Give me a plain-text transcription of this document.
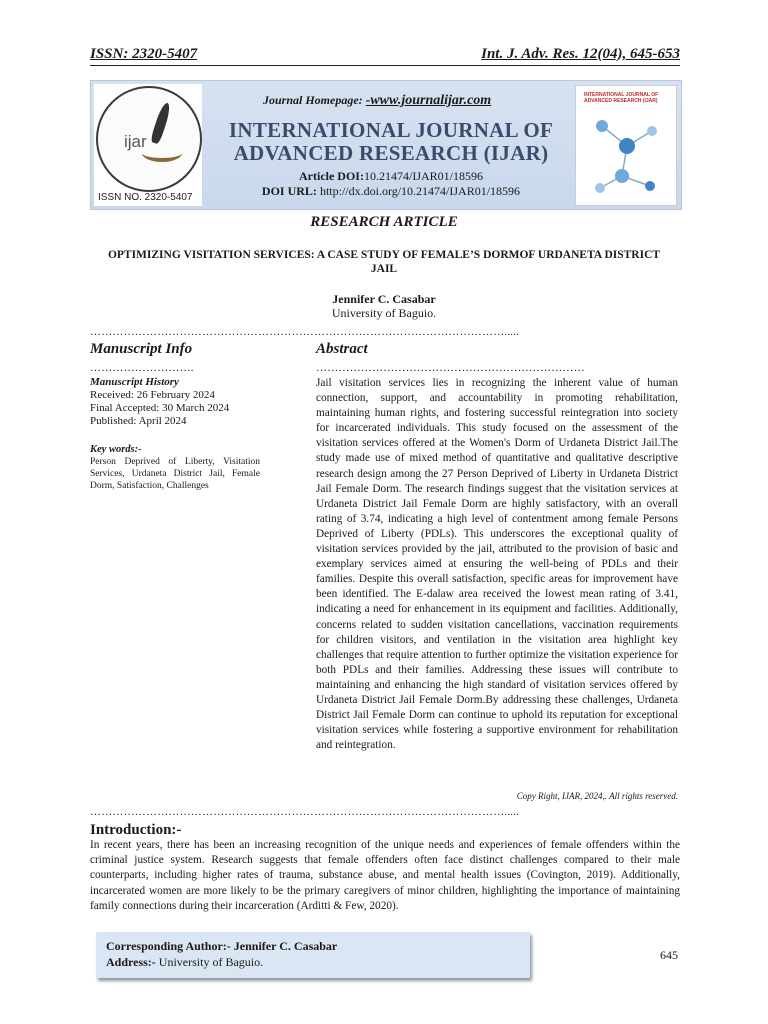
ISSN: 2320-5407	Int. J. Adv. Res. 12(04), 645-653
ijar
ISSN NO. 2320-5407
Journal Homepage: -www.journalijar.com
INTERNATIONAL JOURNAL OF
ADVANCED RESEARCH (IJAR)
Article DOI:10.21474/IJAR01/18596
DOI URL: http://dx.doi.org/10.21474/IJAR01/18596
INTERNATIONAL JOURNAL OF ADVANCED RESEARCH (IJAR)
RESEARCH ARTICLE
OPTIMIZING VISITATION SERVICES: A CASE STUDY OF FEMALE’S DORMOF URDANETA DISTRICT JAIL
Jennifer C. Casabar
University of Baguio.
………………………………………………………………………………………………….....
Manuscript Info	Abstract
……………………….	………………………………………………………………
Manuscript History
Received: 26 February 2024
Final Accepted: 30 March 2024
Published: April 2024
Key words:-
Person Deprived of Liberty, Visitation Services, Urdaneta District Jail, Female Dorm, Satisfaction, Challenges
Jail visitation services lies in recognizing the inherent value of human connection, support, and accountability in promoting rehabilitation, maintaining human rights, and fostering successful reintegration into society for incarcerated individuals. This study focused on the assessment of the visitation services offered at the Women's Dorm of Urdaneta District Jail.The study made use of mixed method of quantitative and qualitative descriptive research design among the 27 Person Deprived of Liberty in Urdaneta District Jail Female Dorm. The research findings suggest that the visitation services at Urdaneta District Jail Female Dorm are highly satisfactory, with an overall rating of 3.74, indicating a high level of contentment among female Persons Deprived of Liberty (PDLs). This underscores the exceptional quality of visitation services provided by the jail, attributed to the provision of basic and exemplary services aimed at ensuring the well-being of PDLs and their families. Despite this overall satisfaction, specific areas for improvement have been identified. The E-dalaw area received the lowest mean rating of 3.41, indicating a need for enhancement in its equipment and facilities. Additionally, concerns related to sudden visitation cancellations, vaccination requirements for children visitors, and ventilation in the visitation area highlight key challenges that require attention to further optimize the visitation experience for both PDLs and their families. Addressing these issues will contribute to maintaining and enhancing the high standard of visitation services offered by Urdaneta District Jail Female Dorm.By addressing these challenges, Urdaneta District Jail Female Dorm can continue to uphold its reputation for exceptional visitation services while fostering a supportive environment for rehabilitation and reintegration.
Copy Right, IJAR, 2024,. All rights reserved.
………………………………………………………………………………………………….....
Introduction:-
In recent years, there has been an increasing recognition of the unique needs and experiences of female offenders within the criminal justice system. Research suggests that female offenders often face distinct challenges compared to their male counterparts, including higher rates of trauma, substance abuse, and mental health issues (Covington, 2019). Additionally, incarcerated women are more likely to be the primary caregivers of minor children, highlighting the importance of maintaining family connections during their incarceration (Arditti & Few, 2020).
Corresponding Author:- Jennifer C. Casabar
Address:- University of Baguio.	645
